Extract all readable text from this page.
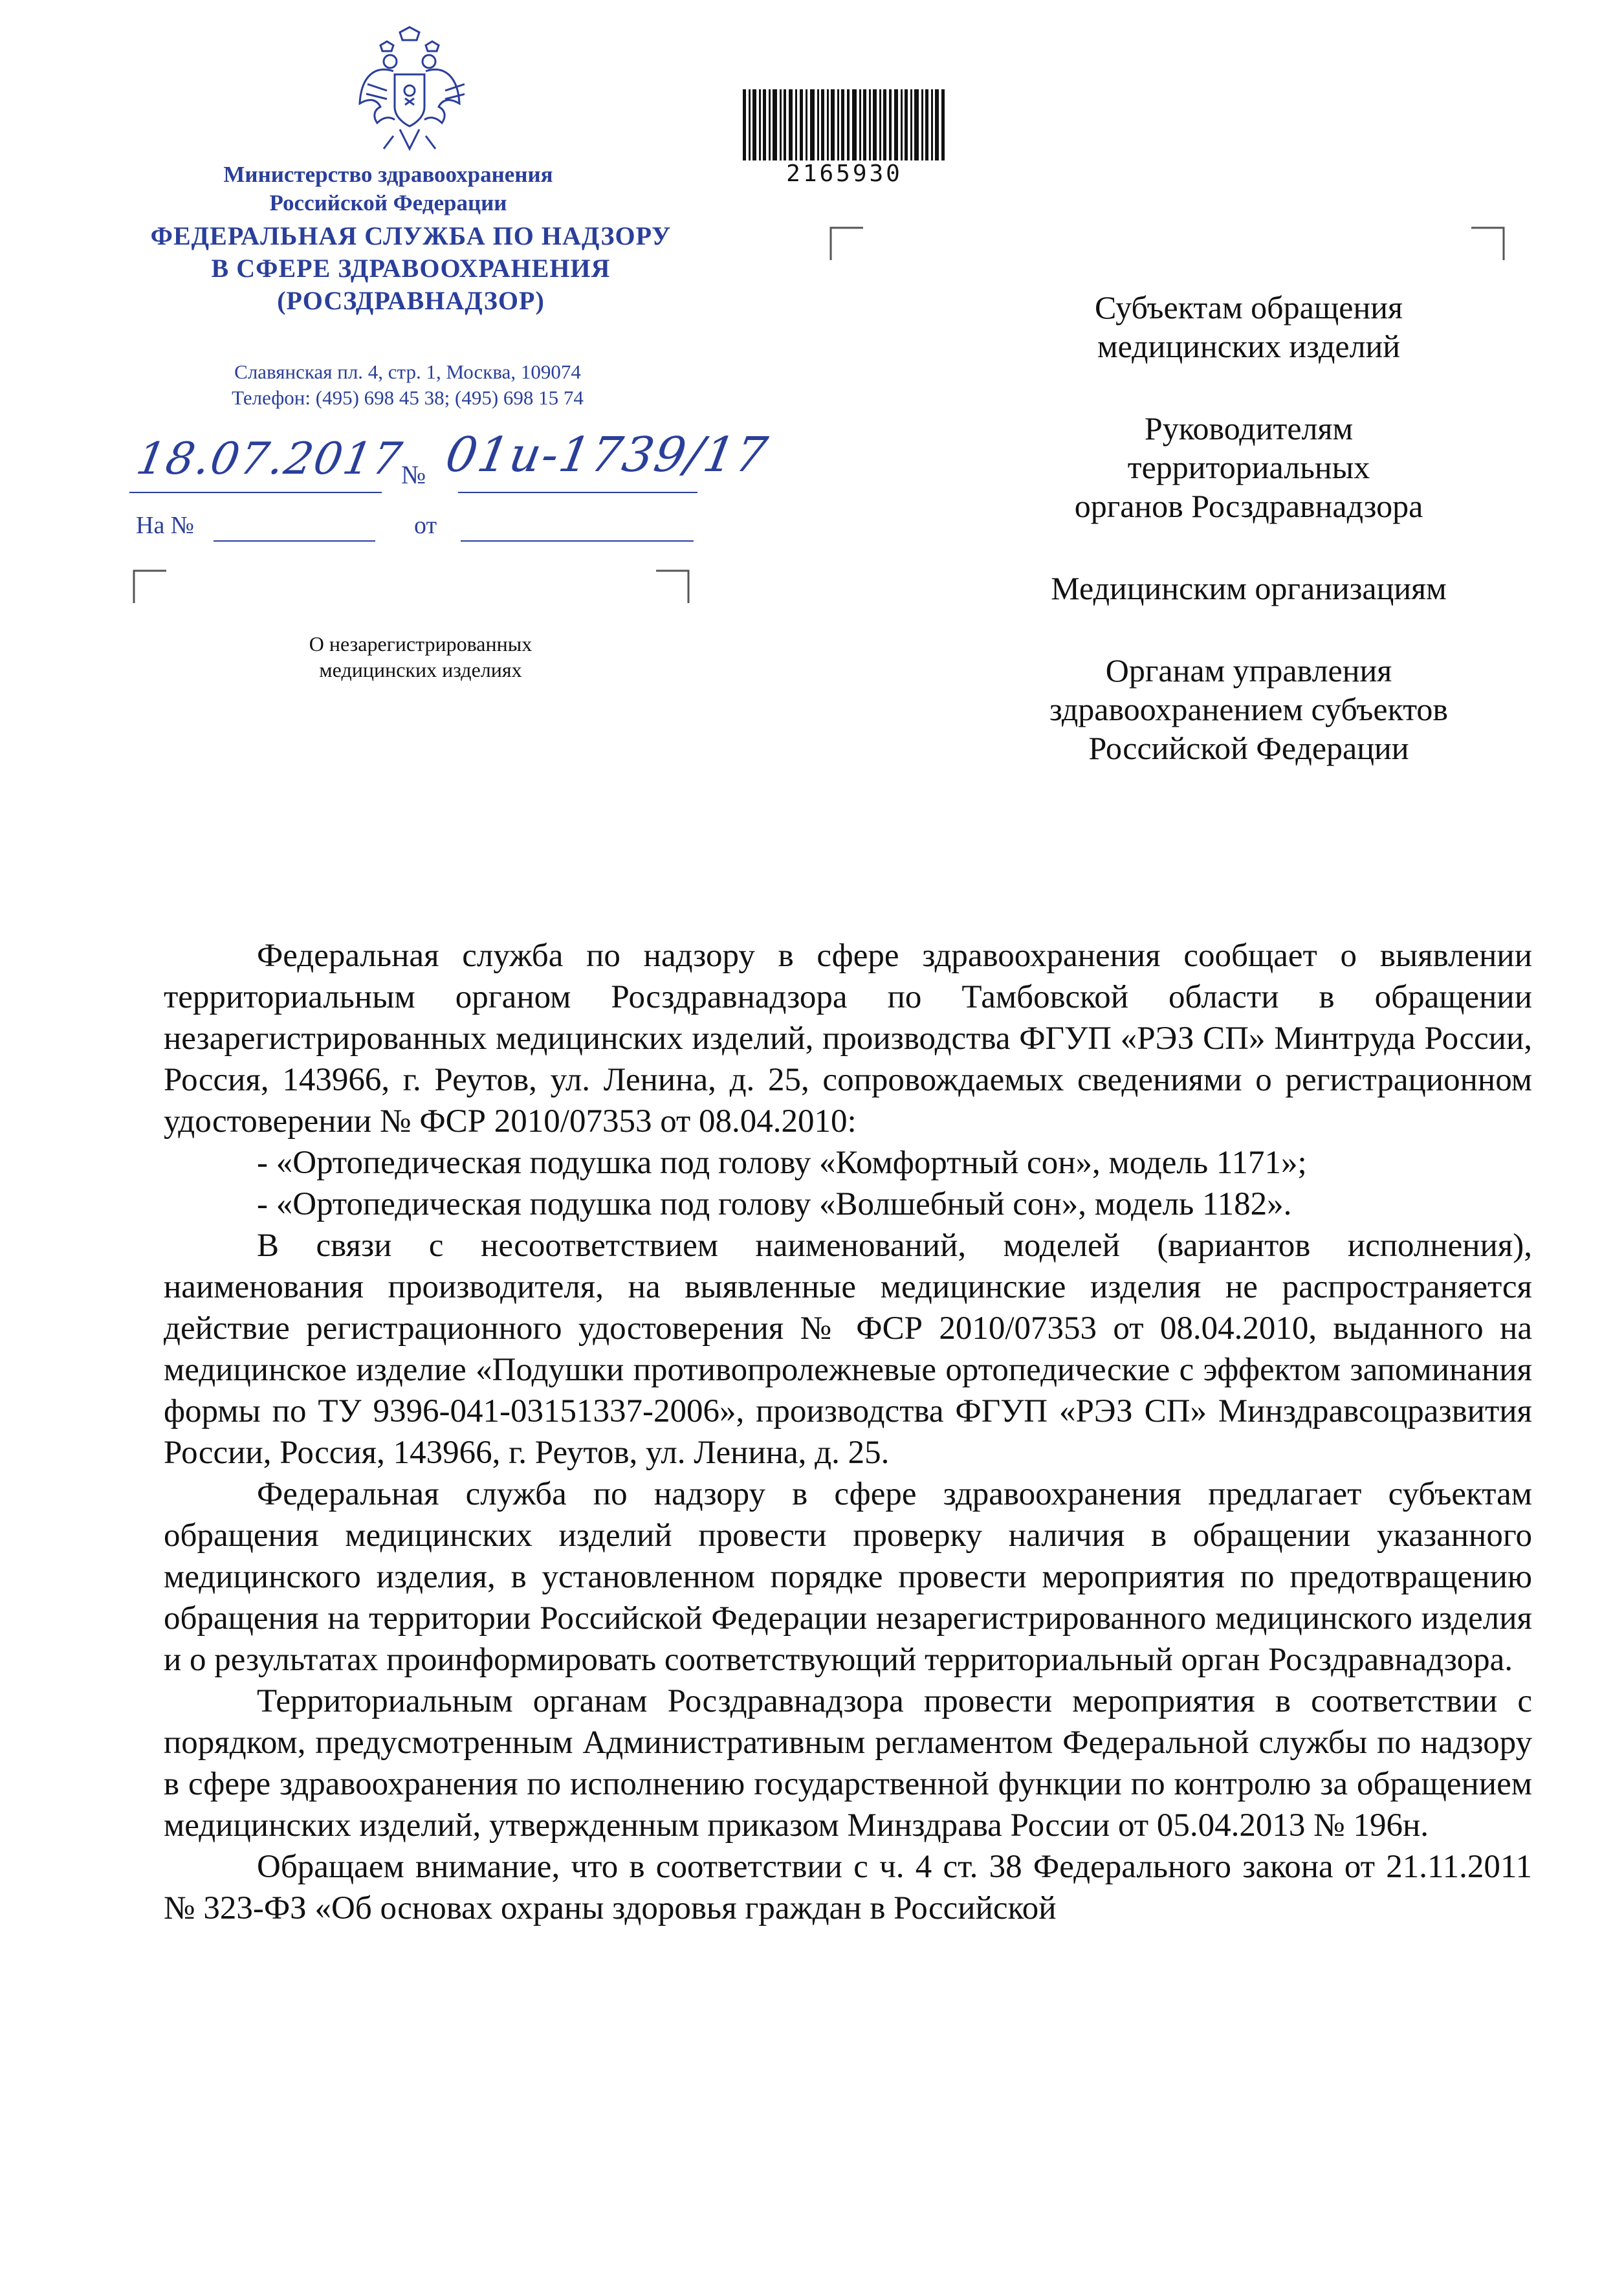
Министерство здравоохранения
Российской Федерации
ФЕДЕРАЛЬНАЯ СЛУЖБА ПО НАДЗОРУ
В СФЕРЕ ЗДРАВООХРАНЕНИЯ
(РОСЗДРАВНАДЗОР)
Славянская пл. 4, стр. 1, Москва, 109074
Телефон: (495) 698 45 38; (495) 698 15 74
18.07.2017
№ 01и-1739/17
На №	от
О незарегистрированных
медицинских изделиях
2165930
Субъектам обращения
медицинских изделий
Руководителям
территориальных
органов Росздравнадзора
Медицинским организациям
Органам управления
здравоохранением субъектов
Российской Федерации

Федеральная служба по надзору в сфере здравоохранения сообщает о выявлении территориальным органом Росздравнадзора по Тамбовской области в обращении незарегистрированных медицинских изделий, производства ФГУП «РЭЗ СП» Минтруда России, Россия, 143966, г. Реутов, ул. Ленина, д. 25, сопровождаемых сведениями о регистрационном удостоверении № ФСР 2010/07353 от 08.04.2010:

- «Ортопедическая подушка под голову «Комфортный сон», модель 1171»;

- «Ортопедическая подушка под голову «Волшебный сон», модель 1182».

В связи с несоответствием наименований, моделей (вариантов исполнения), наименования производителя, на выявленные медицинские изделия не распространяется действие регистрационного удостоверения № ФСР 2010/07353 от 08.04.2010, выданного на медицинское изделие «Подушки противопролежневые ортопедические с эффектом запоминания формы по ТУ 9396-041-03151337-2006», производства ФГУП «РЭЗ СП» Минздравсоцразвития России, Россия, 143966, г. Реутов, ул. Ленина, д. 25.

Федеральная служба по надзору в сфере здравоохранения предлагает субъектам обращения медицинских изделий провести проверку наличия в обращении указанного медицинского изделия, в установленном порядке провести мероприятия по предотвращению обращения на территории Российской Федерации незарегистрированного медицинского изделия и о результатах проинформировать соответствующий территориальный орган Росздравнадзора.

Территориальным органам Росздравнадзора провести мероприятия в соответствии с порядком, предусмотренным Административным регламентом Федеральной службы по надзору в сфере здравоохранения по исполнению государственной функции по контролю за обращением медицинских изделий, утвержденным приказом Минздрава России от 05.04.2013 № 196н.

Обращаем внимание, что в соответствии с ч. 4 ст. 38 Федерального закона от 21.11.2011 № 323-ФЗ «Об основах охраны здоровья граждан в Российской
